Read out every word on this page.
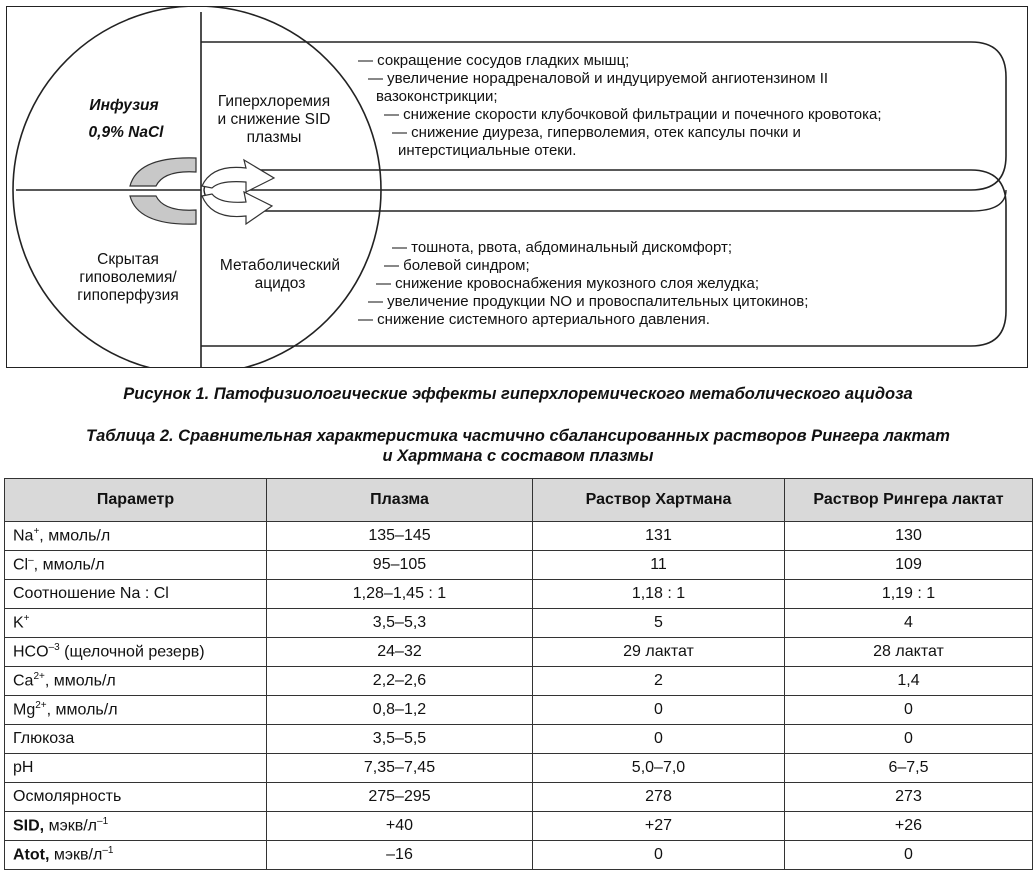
Инфузия
0,9% NaCl
Гиперхлоремия
и снижение SID
плазмы
Метаболический
ацидоз
Скрытая
гиповолемия/
гипоперфузия
— сокращение сосудов гладких мышц;
— увеличение норадреналовой и индуцируемой ангиотензином II
вазоконстрикции;
— снижение скорости клубочковой фильтрации и почечного кровотока;
— снижение диуреза, гиперволемия, отек капсулы почки и
интерстициальные отеки.
— тошнота, рвота, абдоминальный дискомфорт;
— болевой синдром;
— снижение кровоснабжения мукозного слоя желудка;
— увеличение продукции NO и провоспалительных цитокинов;
— снижение системного артериального давления.
Рисунок 1. Патофизиологические эффекты гиперхлоремического метаболического ацидоза
Таблица 2. Сравнительная характеристика частично сбалансированных растворов Рингера лактат
и Хартмана с составом плазмы
Параметр	Плазма	Раствор Хартмана	Раствор Рингера лактат
Na+, ммоль/л	135–145	131	130
Cl–, ммоль/л	95–105	11	109
Соотношение Na : Cl	1,28–1,45 : 1	1,18 : 1	1,19 : 1
K+	3,5–5,3	5	4
$HCO^{-3}$ (щелочной резерв)	24–32	29 лактат	28 лактат
$Ca^{2+}$, ммоль/л	2,2–2,6	2	1,4
$Mg^{2+}$, ммоль/л	0,8–1,2	0	0
Глюкоза	3,5–5,5	0	0
pH	7,35–7,45	5,0–7,0	6–7,5
Осмолярность	275–295	278	273
SID, мэкв/$л^{-1}$	+40	+27	+26
Atot, мэкв/$л^{-1}$	–16	0	0
